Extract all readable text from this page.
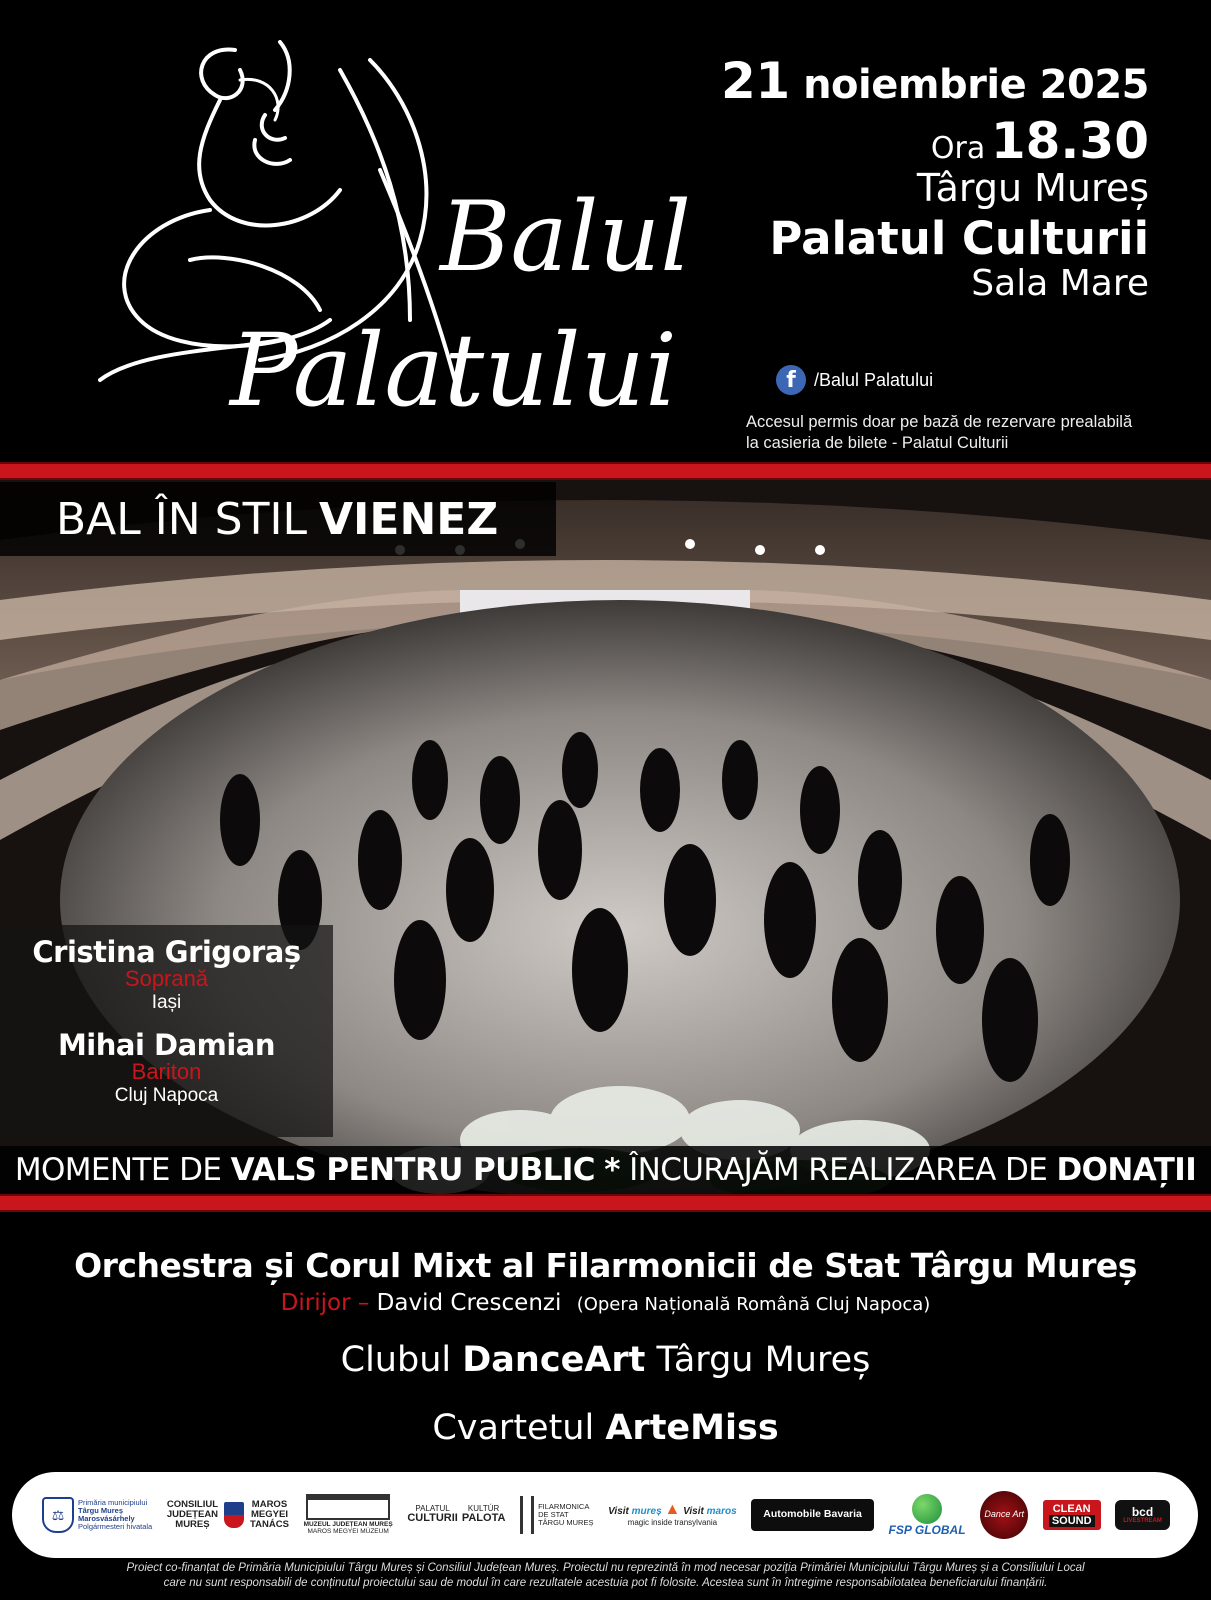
Balul
Palatului
21 noiembrie 2025
Ora 18.30
Târgu Mureș
Palatul Culturii
Sala Mare
f	/Balul Palatului
Accesul permis doar pe bază de rezervare prealabilă
la casieria de bilete - Palatul Culturii
BAL ÎN STIL VIENEZ
Cristina Grigoraș
Soprană
Iași
Mihai Damian
Bariton
Cluj Napoca
MOMENTE DE
VALS PENTRU PUBLIC
*
ÎNCURAJĂM REALIZAREA DE
DONAȚII
Orchestra și Corul Mixt al Filarmonicii de Stat Târgu Mureș
Dirijor – David Crescenzi (Opera Națională Română Cluj Napoca)
Clubul DanceArt Târgu Mureș
Cvartetul ArteMiss
⚖
Primăria municipiului
Târgu Mureș
Marosvásárhely
Polgármesteri hivatala
CONSILIUL
JUDEȚEAN
MUREȘ
MAROS
MEGYEI
TANÁCS MUZEUL JUDEȚEAN MUREȘ
MAROS MEGYEI MÚZEUM
PALATUL
CULTURII
KULTÚR
PALOTA
FILARMONICA
DE STAT
TÂRGU MUREȘ
Visit mureș ▲ Visit maros
magic inside transylvania
Automobile Bavaria
FSP GLOBAL
Dance Art	CLEAN
SOUND
bcd
LIVESTREAM
Proiect co-finanțat de Primăria Municipiului Târgu Mureș și Consiliul Județean Mureș. Proiectul nu reprezintă în mod necesar poziția Primăriei Municipiului Târgu Mureș și a Consiliului Local
care nu sunt responsabili de conținutul proiectului sau de modul în care rezultatele acestuia pot fi folosite. Acestea sunt în întregime responsabilotatea beneficiarului finanțării.
